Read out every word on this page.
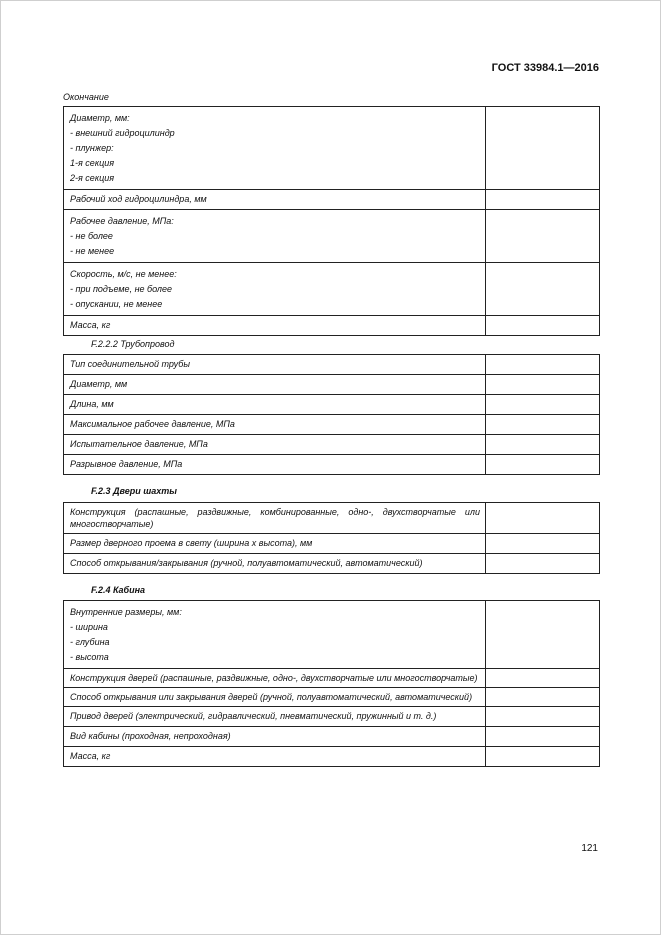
ГОСТ 33984.1—2016
Окончание
Диаметр, мм:
- внешний гидроцилиндр
- плунжер:
1-я секция
2-я секция	

Рабочий ход гидроцилиндра, мм	

Рабочее давление, МПа:
- не более
- не менее	

Скорость, м/с, не менее:
- при подъеме, не более
- опускании, не менее	

Масса, кг	

F.2.2.2 Трубопровод
Тип соединительной трубы	

Диаметр, мм	

Длина, мм	

Максимальное рабочее давление, МПа	

Испытательное давление, МПа	

Разрывное давление, МПа	

F.2.3 Двери шахты
Конструкция (распашные, раздвижные, комбинированные, одно-, двухстворчатые или многостворчатые)	

Размер дверного проема в свету (ширина х высота), мм	

Способ открывания/закрывания (ручной, полуавтоматический, автоматический)	

F.2.4 Кабина
Внутренние размеры, мм:
- ширина
- глубина
- высота	

Конструкция дверей (распашные, раздвижные, одно-, двухстворчатые или многостворчатые)	

Способ открывания или закрывания дверей (ручной, полуавтоматический, автоматический)	

Привод дверей (электрический, гидравлический, пневматический, пружинный и т. д.)	

Вид кабины (проходная, непроходная)	

Масса, кг	

121
